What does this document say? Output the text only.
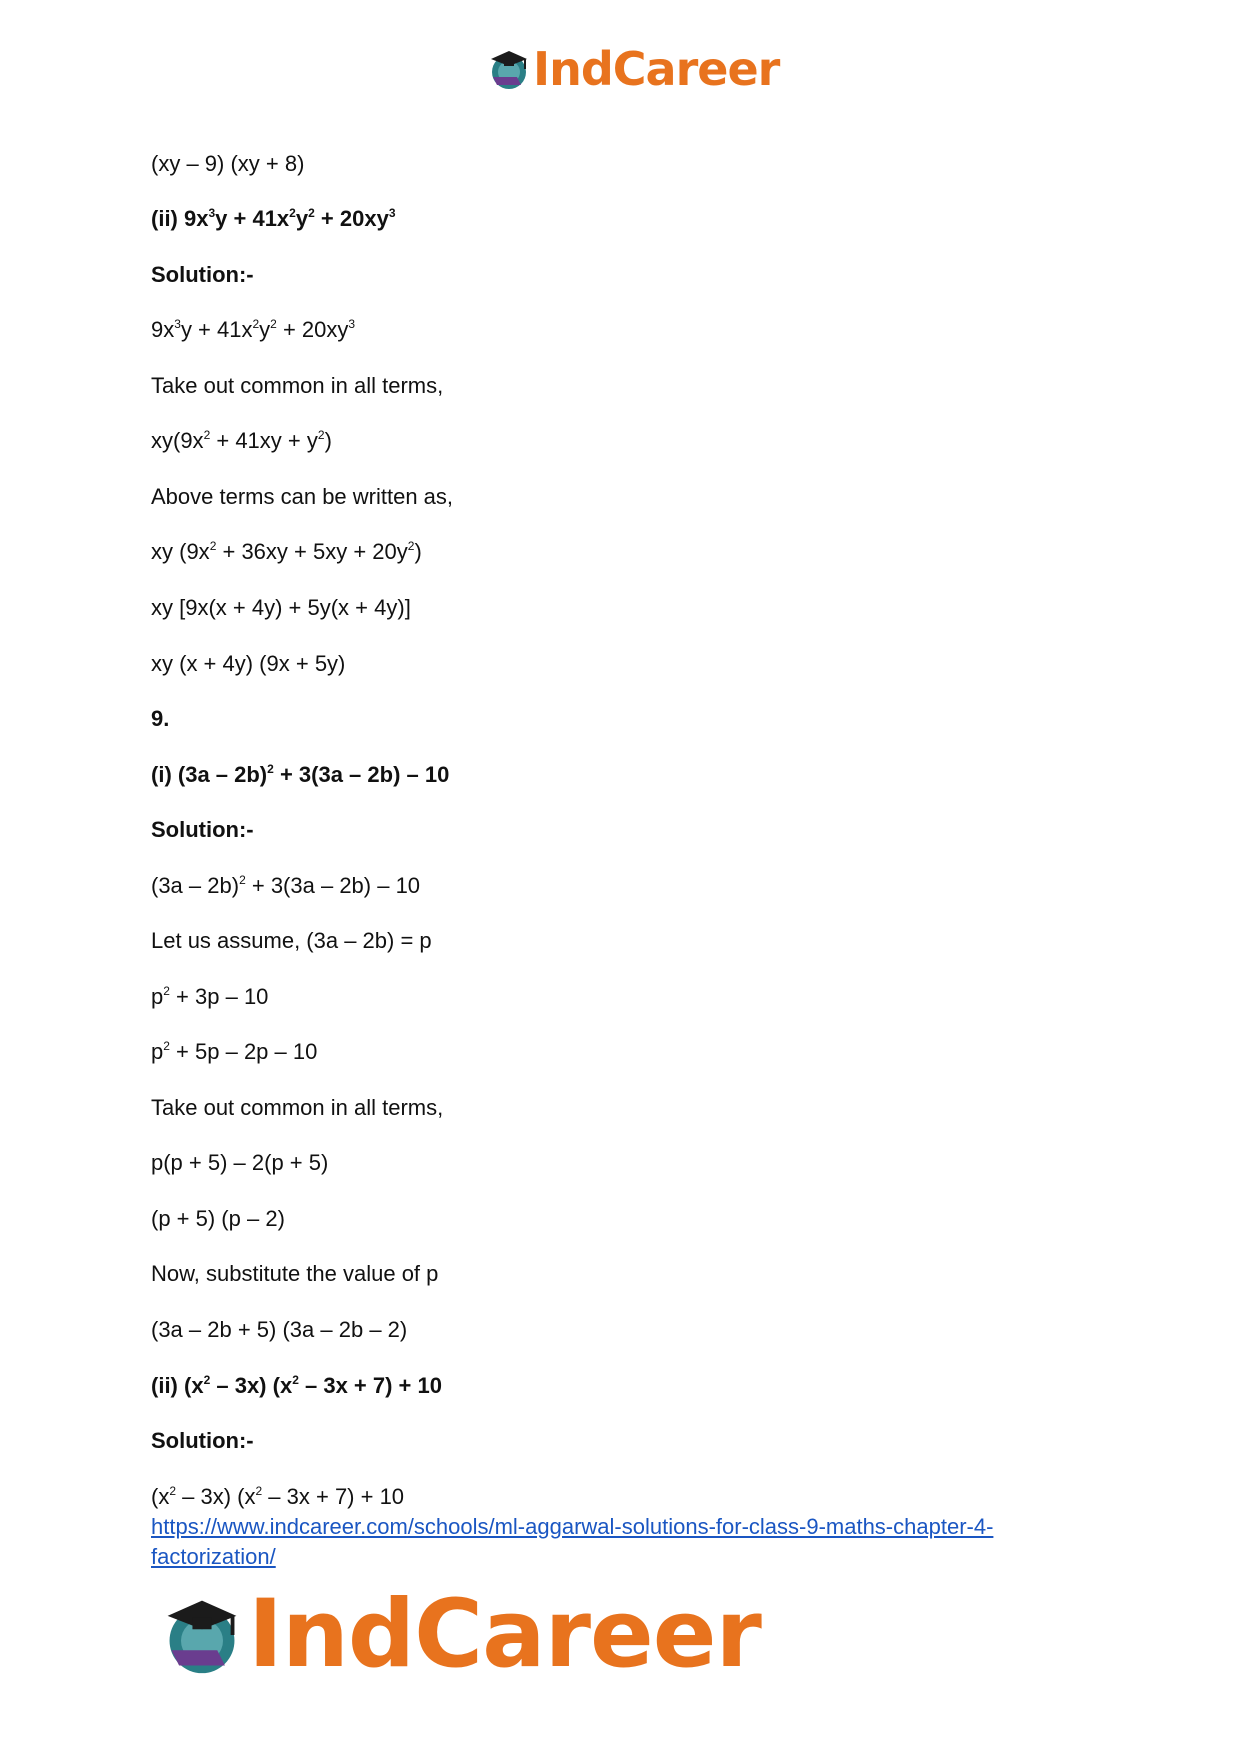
IndCareer
(xy – 9) (xy + 8)
(ii) $9x^3y + 41x^2y^2 + 20xy^3$
Solution:-
$9x^3y + 41x^2y^2 + 20xy^3$
Take out common in all terms,
$xy(9x^2 + 41xy + y^2)$
Above terms can be written as,
xy $(9x^2 + 36xy + 5xy + 20y^2)$
xy [9x(x + 4y) + 5y(x + 4y)]
xy (x + 4y) (9x + 5y)
9.
(i) (3a – 2b)$^2$ + 3(3a – 2b) – 10
Solution:-
(3a – 2b)$^2$ + 3(3a – 2b) – 10
Let us assume, (3a – 2b) = p
$p^2 + 3p - 10$
$p^2 + 5p - 2p - 10$
Take out common in all terms,
p(p + 5) – 2(p + 5)
(p + 5) (p – 2)
Now, substitute the value of p
(3a – 2b + 5) (3a – 2b – 2)
(ii) $(x^2 - 3x)$ $(x^2 - 3x + 7) + 10$
Solution:-
$(x^2 - 3x)$ $(x^2 - 3x + 7) + 10$
https://www.indcareer.com/schools/ml-aggarwal-solutions-for-class-9-maths-chapter-4-factorization/
IndCareer
